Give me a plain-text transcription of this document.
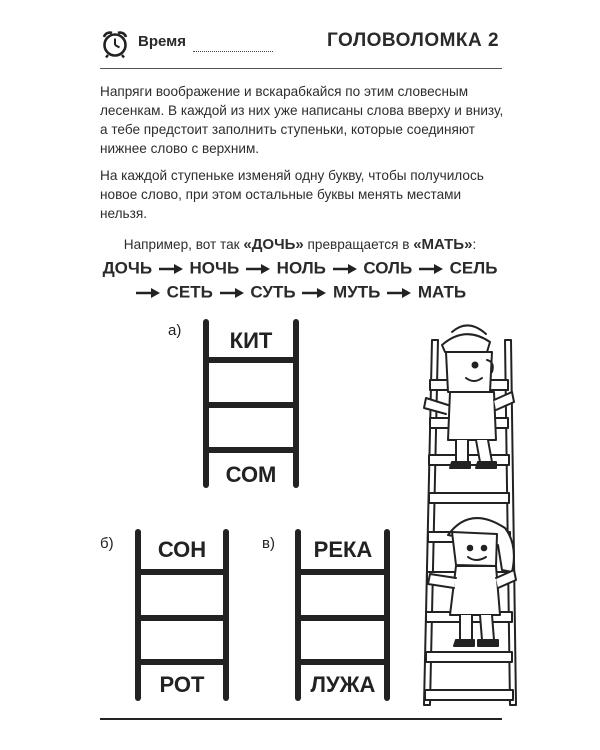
Время	ГОЛОВОЛОМКА 2
Напряги воображение и вскарабкайся по этим словесным лесенкам. В каждой из них уже написаны слова вверху и внизу, а тебе предстоит заполнить ступеньки, которые соединяют нижнее слово с верхним.
На каждой ступеньке изменяй одну букву, чтобы получилось новое слово, при этом остальные буквы менять местами нельзя.
Например, вот так «ДОЧЬ» превращается в «МАТЬ»:
ДОЧЬ НОЧЬ НОЛЬ СОЛЬ СЕЛЬ
СЕТЬ СУТЬ МУТЬ МАТЬ
а)	КИТ
СОМ
б)	СОН
РОТ
в)	РЕКА
ЛУЖА
